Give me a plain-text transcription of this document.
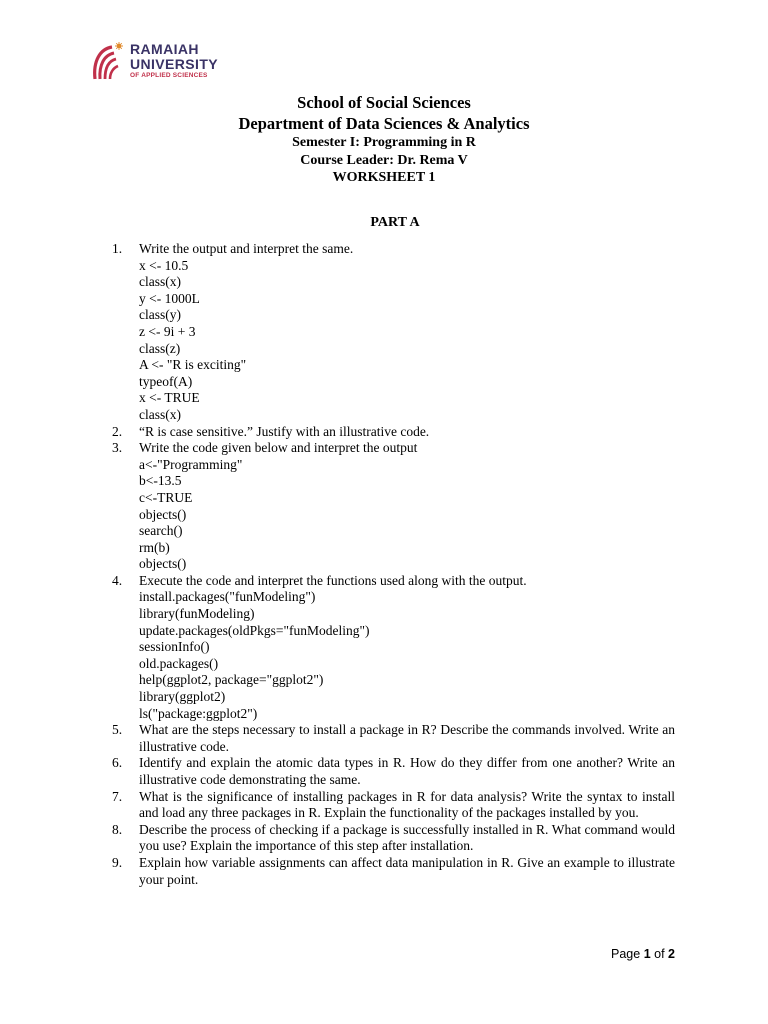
RAMAIAH
UNIVERSITY
OF APPLIED SCIENCES
School of Social Sciences
Department of Data Sciences & Analytics
Semester I: Programming in R
Course Leader: Dr. Rema V
WORKSHEET 1
PART A
1.	Write the output and interpret the same.
x <- 10.5
class(x)
y <- 1000L
class(y)
z <- 9i + 3
class(z)
A <- "R is exciting"
typeof(A)
x <- TRUE
class(x)
2.	“R is case sensitive.” Justify with an illustrative code.
3.	Write the code given below and interpret the output
a<-"Programming"
b<-13.5
c<-TRUE
objects()
search()
rm(b)
objects()
4.	Execute the code and interpret the functions used along with the output.
install.packages("funModeling")
library(funModeling)
update.packages(oldPkgs="funModeling")
sessionInfo()
old.packages()
help(ggplot2, package="ggplot2")
library(ggplot2)
ls("package:ggplot2")
5.	What are the steps necessary to install a package in R? Describe the commands involved. Write an illustrative code.
6.	Identify and explain the atomic data types in R. How do they differ from one another? Write an illustrative code demonstrating the same.
7.	What is the significance of installing packages in R for data analysis? Write the syntax to install and load any three packages in R. Explain the functionality of the packages installed by you.
8.	Describe the process of checking if a package is successfully installed in R. What command would you use? Explain the importance of this step after installation.
9.	Explain how variable assignments can affect data manipulation in R. Give an example to illustrate your point.
Page 1 of 2
